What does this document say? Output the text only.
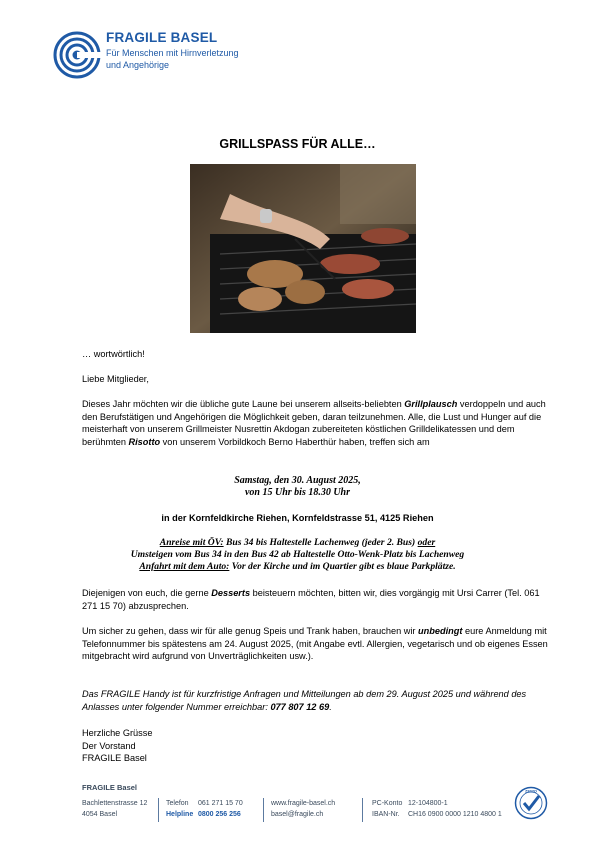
FRAGILE BASEL
Für Menschen mit Hirnverletzung
und Angehörige
GRILLSPASS FÜR ALLE…
… wortwörtlich!
Liebe Mitglieder,
Dieses Jahr möchten wir die übliche gute Laune bei unserem allseits-beliebten Grillplausch verdoppeln und auch den Berufstätigen und Angehörigen die Möglichkeit geben, daran teilzunehmen. Alle, die Lust und Hunger auf die meisterhaft von unserem Grillmeister Nusrettin Akdogan zubereiteten köstlichen Grilldelikatessen und dem berühmten Risotto von unserem Vorbildkoch Berno Haberthür haben, treffen sich am
Samstag, den 30. August 2025,
von 15 Uhr bis 18.30 Uhr
in der Kornfeldkirche Riehen, Kornfeldstrasse 51, 4125 Riehen
Anreise mit ÖV: Bus 34 bis Haltestelle Lachenweg (jeder 2. Bus) oder
Umsteigen vom Bus 34 in den Bus 42 ab Haltestelle Otto-Wenk-Platz bis Lachenweg
Anfahrt mit dem Auto: Vor der Kirche und im Quartier gibt es blaue Parkplätze.
Diejenigen von euch, die gerne Desserts beisteuern möchten, bitten wir, dies vorgängig mit Ursi Carrer (Tel. 061 271 15 70) abzusprechen.
Um sicher zu gehen, dass wir für alle genug Speis und Trank haben, brauchen wir unbedingt eure Anmeldung mit Telefonnummer bis spätestens am 24. August 2025, (mit Angabe evtl. Allergien, vegetarisch und ob eigenes Essen mitgebracht wird aufgrund von Unverträglichkeiten usw.).
Das FRAGILE Handy ist für kurzfristige Anfragen und Mitteilungen ab dem 29. August 2025 und während des Anlasses unter folgender Nummer erreichbar: 077 807 12 69.
Herzliche Grüsse
Der Vorstand
FRAGILE Basel
FRAGILE Basel
Bachlettenstrasse 12
4054 Basel
Telefon 061 271 15 70
Helpline 0800 256 256
www.fragile-basel.ch
basel@fragile.ch
PC-Konto 12-104800-1
IBAN-Nr. CH16 0900 0000 1210 4800 1
ZEWO
